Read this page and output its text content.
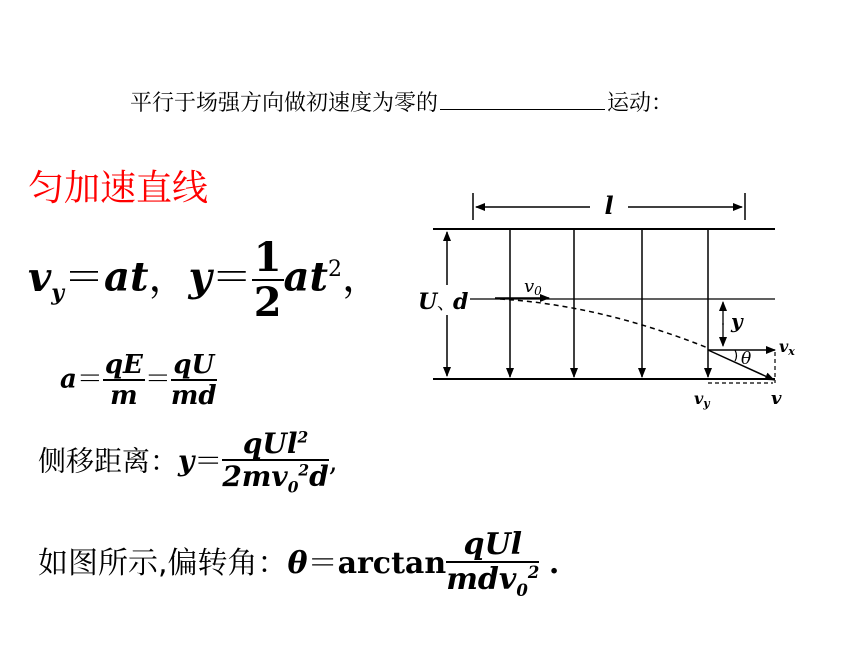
平行于场强方向做初速度为零的	运动：
匀加速直线
$v_y=at$，$y= \frac{1}{2} at^2$，
$a= \frac{qE}{m} = \frac{qU}{md}$
侧移距离：$y= \frac{qUl^2}{2mv_0^2d}$ ,
如图所示,偏转角：$\theta=\arctan \frac{\text{qUl}}{mdv_0^2}$ .
l
U 、
d
v0
y
vx
θ
vy	v
